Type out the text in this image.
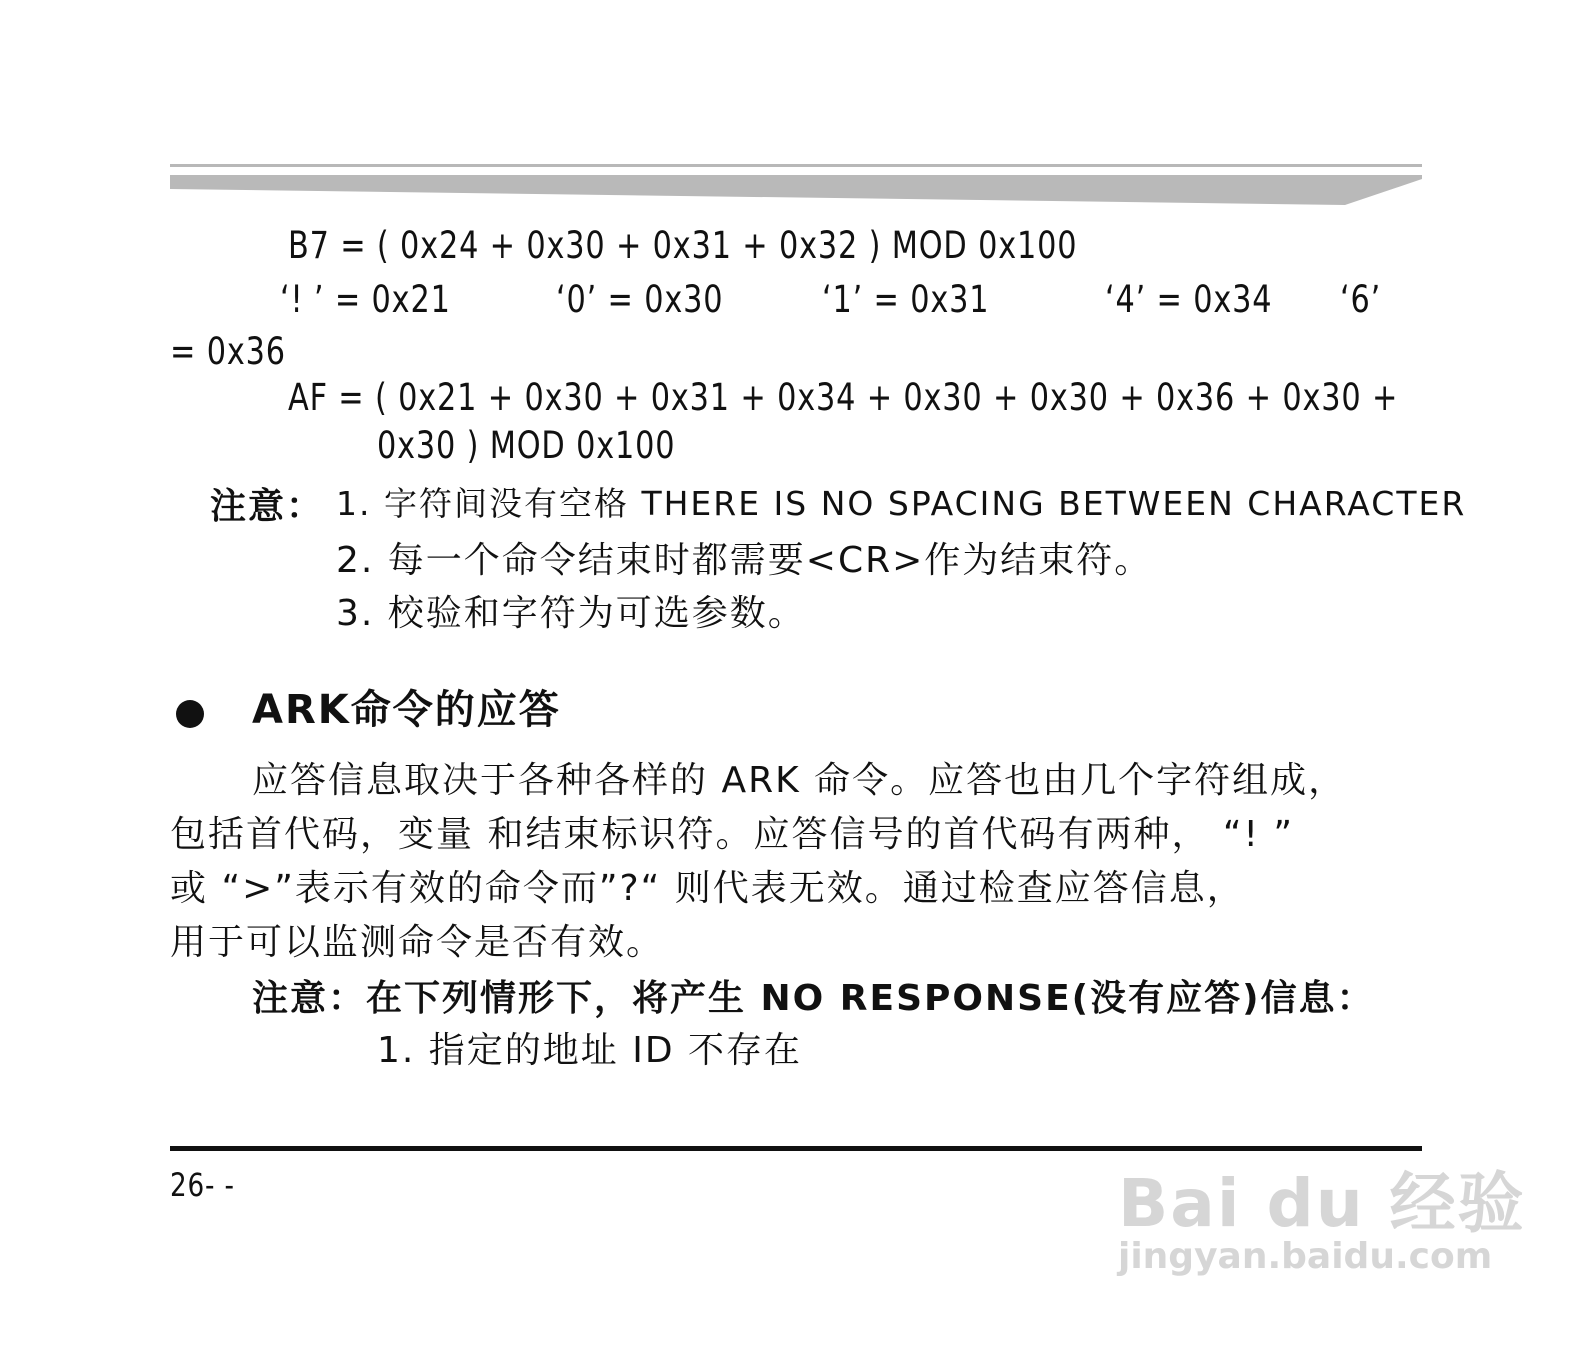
B7 = ( 0x24 + 0x30 + 0x31 + 0x32 ) MOD 0x100
‘! ’ = 0x21	‘0’ = 0x30	‘1’ = 0x31	‘4’ = 0x34 ‘6’
= 0x36
AF = ( 0x21 + 0x30 + 0x31 + 0x34 + 0x30 + 0x30 + 0x36 + 0x30 +
0x30 ) MOD 0x100
注意： 1. 字符间没有空格 THERE IS NO SPACING BETWEEN CHARACTER
2. 每一个命令结束时都需要<CR>作为结束符。
3. 校验和字符为可选参数。
ARK命令的应答
应答信息取决于各种各样的 ARK 命令。应答也由几个字符组成，
包括首代码，变量 和结束标识符。应答信号的首代码有两种， “! ”
或 “>”表示有效的命令而”?“ 则代表无效。通过检查应答信息，
用于可以监测命令是否有效。
注意：在下列情形下，将产生 NO RESPONSE(没有应答)信息：
1. 指定的地址 ID 不存在
26- -	Bai du 经验
jingyan.baidu.com
